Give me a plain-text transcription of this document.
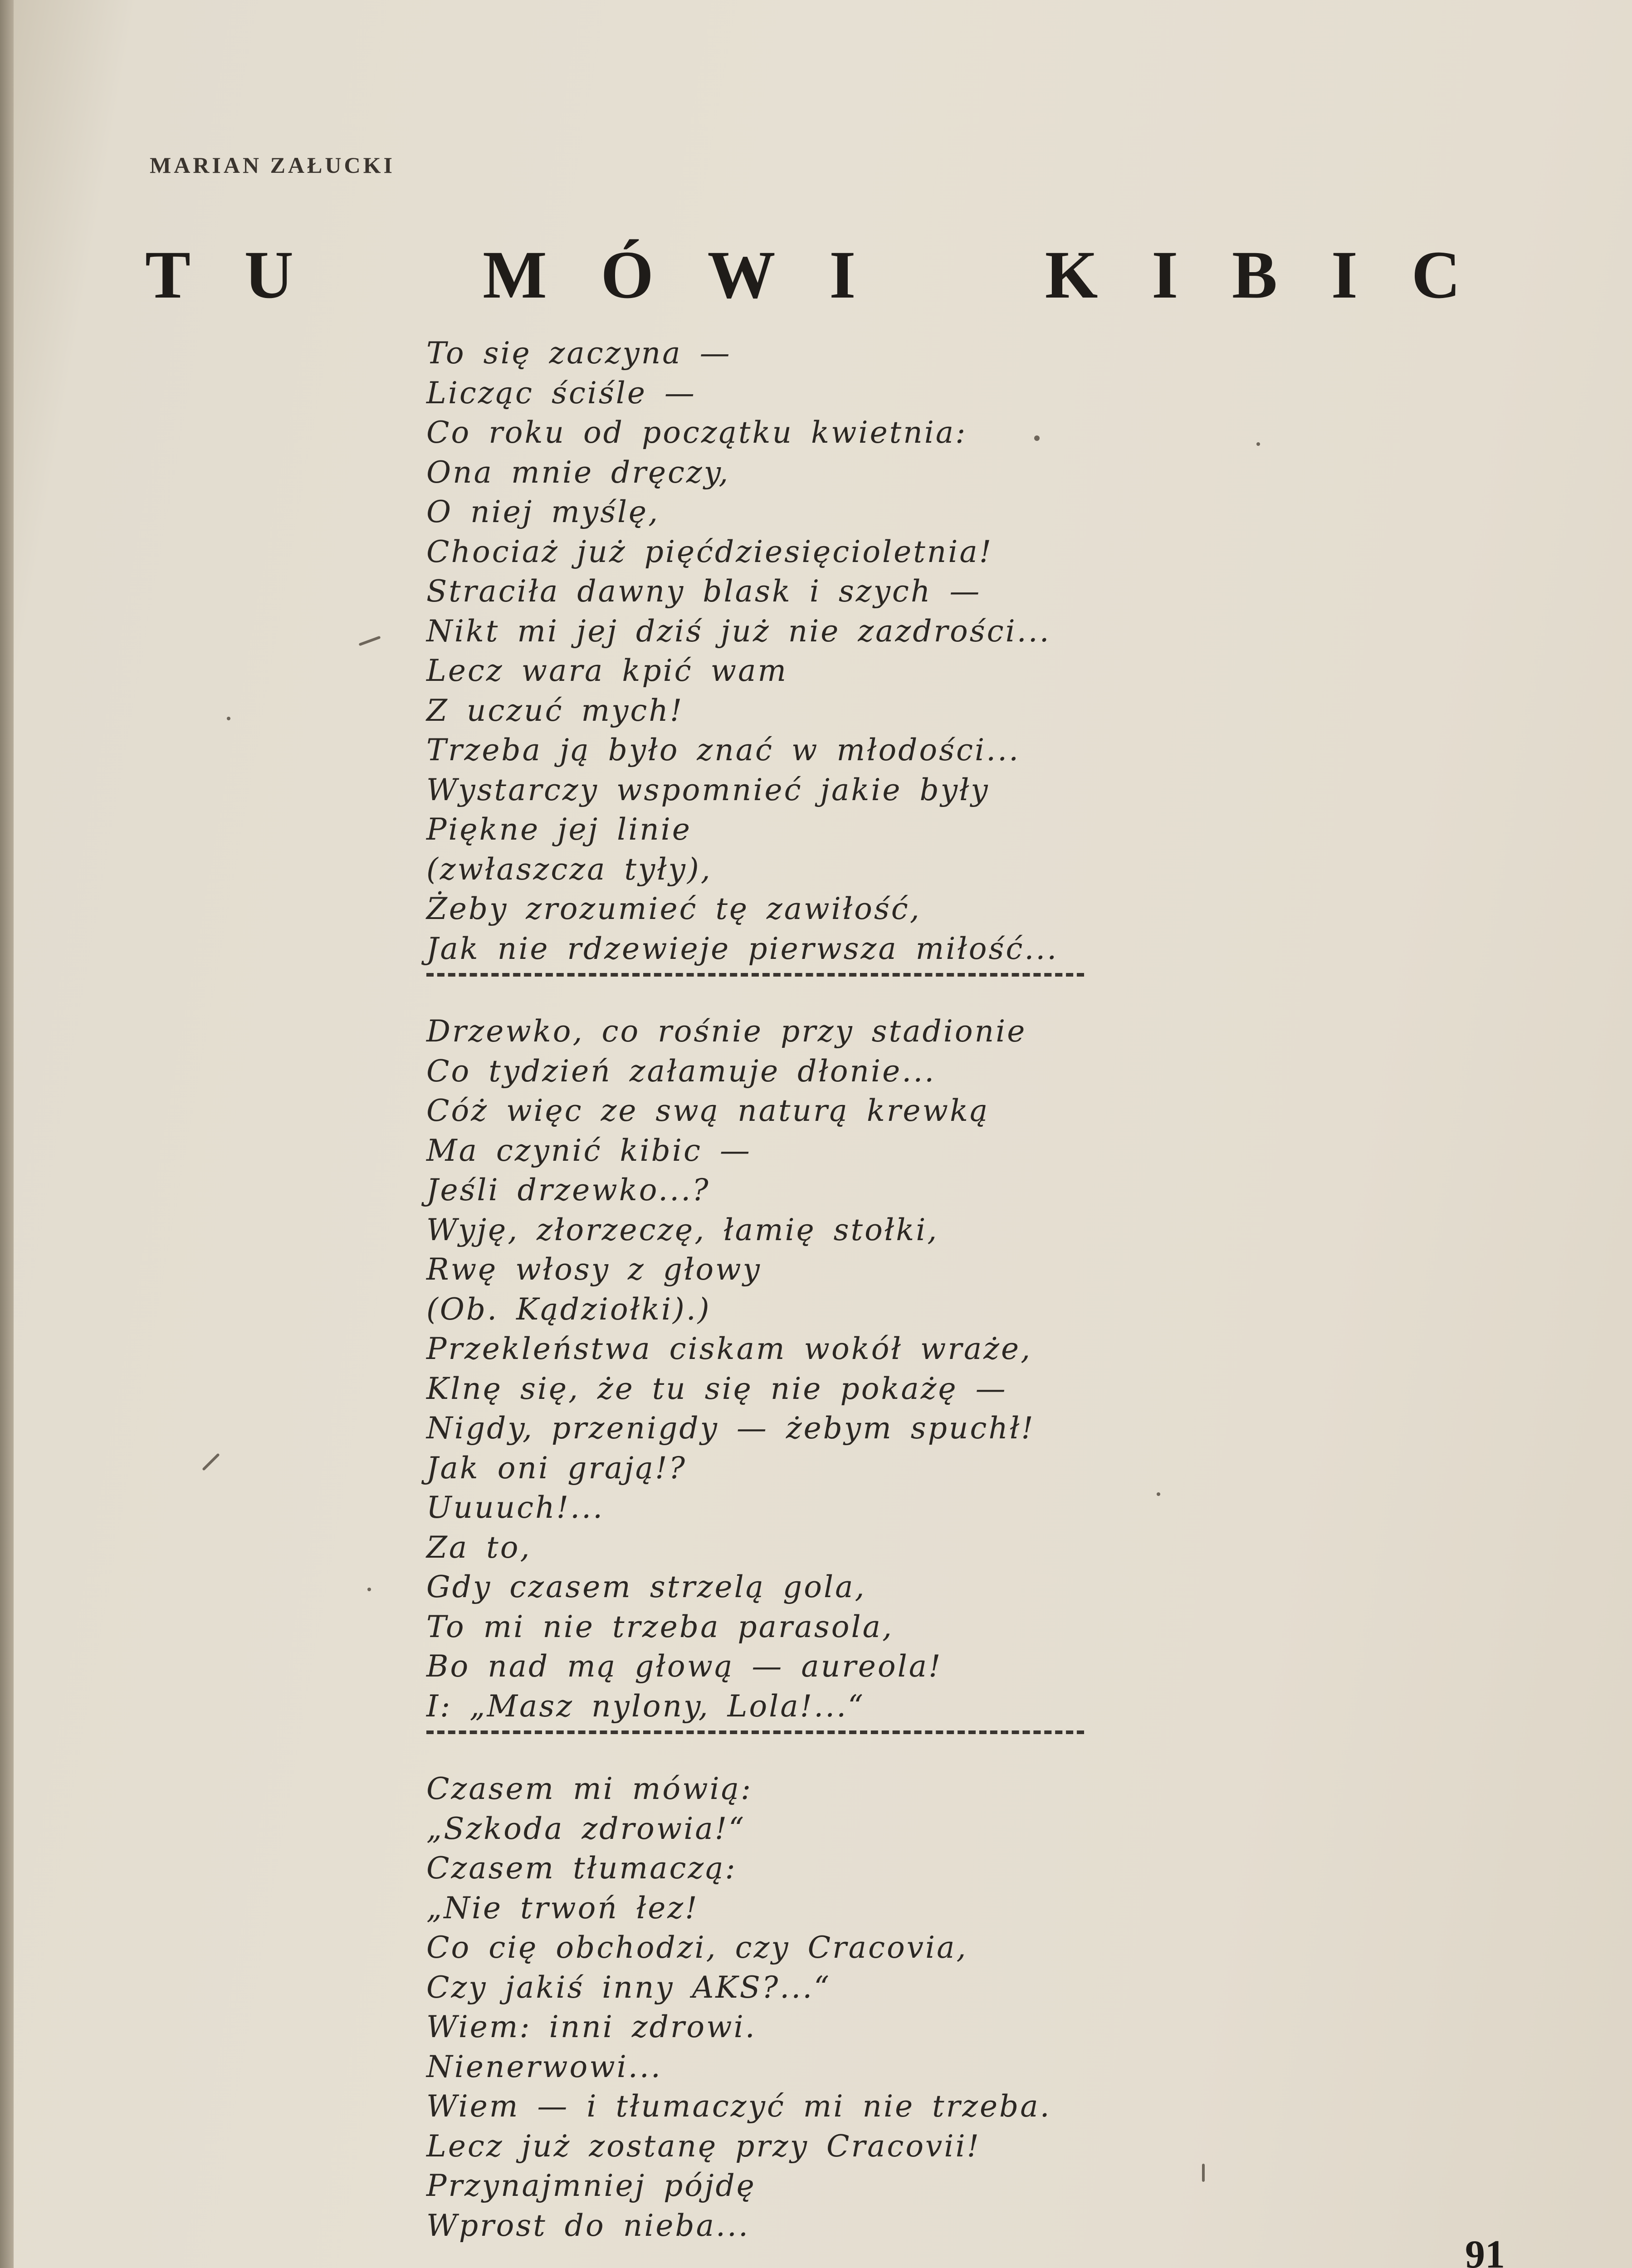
MARIAN ZAŁUCKI
T U	M Ó W I	K I B I C
To się zaczyna —
Licząc ściśle —
Co roku od początku kwietnia:
Ona mnie dręczy,
O niej myślę,
Chociaż już pięćdziesięcioletnia!
Straciła dawny blask i szych —
Nikt mi jej dziś już nie zazdrości...
Lecz wara kpić wam
Z uczuć mych!
Trzeba ją było znać w młodości...
Wystarczy wspomnieć jakie były
Piękne jej linie
(zwłaszcza tyły),
Żeby zrozumieć tę zawiłość,
Jak nie rdzewieje pierwsza miłość...
Drzewko, co rośnie przy stadionie
Co tydzień załamuje dłonie...
Cóż więc ze swą naturą krewką
Ma czynić kibic —
Jeśli drzewko...?
Wyję, złorzeczę, łamię stołki,
Rwę włosy z głowy
(Ob. Kądziołki).)
Przekleństwa ciskam wokół wraże,
Klnę się, że tu się nie pokażę —
Nigdy, przenigdy — żebym spuchł!
Jak oni grają!?
Uuuuch!...
Za to,
Gdy czasem strzelą gola,
To mi nie trzeba parasola,
Bo nad mą głową — aureola!
I: „Masz nylony, Lola!...“
Czasem mi mówią:
„Szkoda zdrowia!“
Czasem tłumaczą:
„Nie trwoń łez!
Co cię obchodzi, czy Cracovia,
Czy jakiś inny AKS?...“
Wiem: inni zdrowi.
Nienerwowi...
Wiem — i tłumaczyć mi nie trzeba.
Lecz już zostanę przy Cracovii!
Przynajmniej pójdę
Wprost do nieba...
91
